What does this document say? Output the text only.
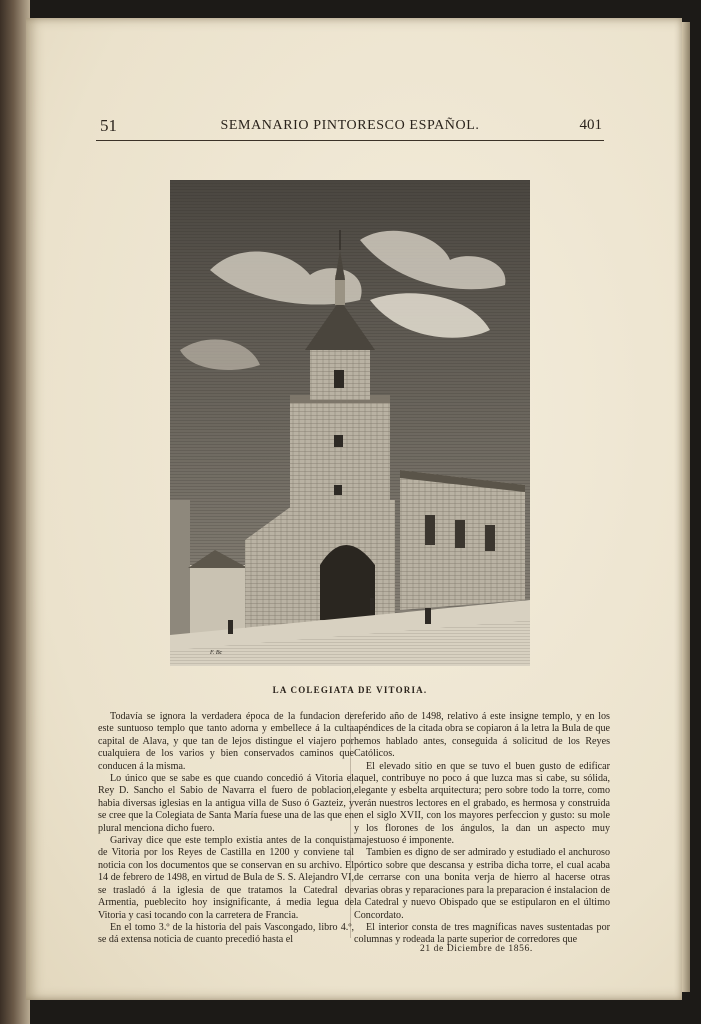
51	SEMANARIO PINTORESCO ESPAÑOL.	401
F. Bc
LA COLEGIATA DE VITORIA.

Todavía se ignora la verdadera época de la fundacion de este suntuoso templo que tanto adorna y embellece á la culta capital de Alava, y que tan de lejos distingue el viajero por cualquiera de los varios y bien conservados caminos que conducen á la misma.

Lo único que se sabe es que cuando concedió á Vitoria el Rey D. Sancho el Sabio de Navarra el fuero de poblacion, habia diversas iglesias en la antigua villa de Suso ó Gazteiz, y se cree que la Colegiata de Santa María fuese una de las que en plural menciona dicho fuero.

Garivay dice que este templo existia antes de la conquista de Vitoria por los Reyes de Castilla en 1200 y conviene tal noticia con los documentos que se conservan en su archivo. El 14 de febrero de 1498, en virtud de Bula de S. S. Alejandro VI, se trasladó á la iglesia de que tratamos la Catedral de Armentia, pueblecito hoy insignificante, á media legua de Vitoria y casi tocando con la carretera de Francia.

En el tomo 3.º de la historia del pais Vascongado, libro 4.º, se dá extensa noticia de cuanto precedió hasta el

referido año de 1498, relativo á este insigne templo, y en los apéndices de la citada obra se copiaron á la letra la Bula de que hemos hablado antes, conseguida á solicitud de los Reyes Católicos.

El elevado sitio en que se tuvo el buen gusto de edificar aquel, contribuye no poco á que luzca mas si cabe, su sólida, elegante y esbelta arquitectura; pero sobre todo la torre, como verán nuestros lectores en el grabado, es hermosa y construida en el siglo XVII, con los mayores perfeccion y gusto: su mole y los florones de los ángulos, la dan un aspecto muy majestuoso é imponente.

Tambien es digno de ser admirado y estudiado el anchuroso pórtico sobre que descansa y estriba dicha torre, el cual acaba de cerrarse con una bonita verja de hierro al hacerse otras varias obras y reparaciones para la preparacion é instalacion de la Catedral y nuevo Obispado que se estipularon en el último Concordato.

El interior consta de tres magníficas naves sustentadas por columnas y rodeada la parte superior de corredores que

21 de Diciembre de 1856.
